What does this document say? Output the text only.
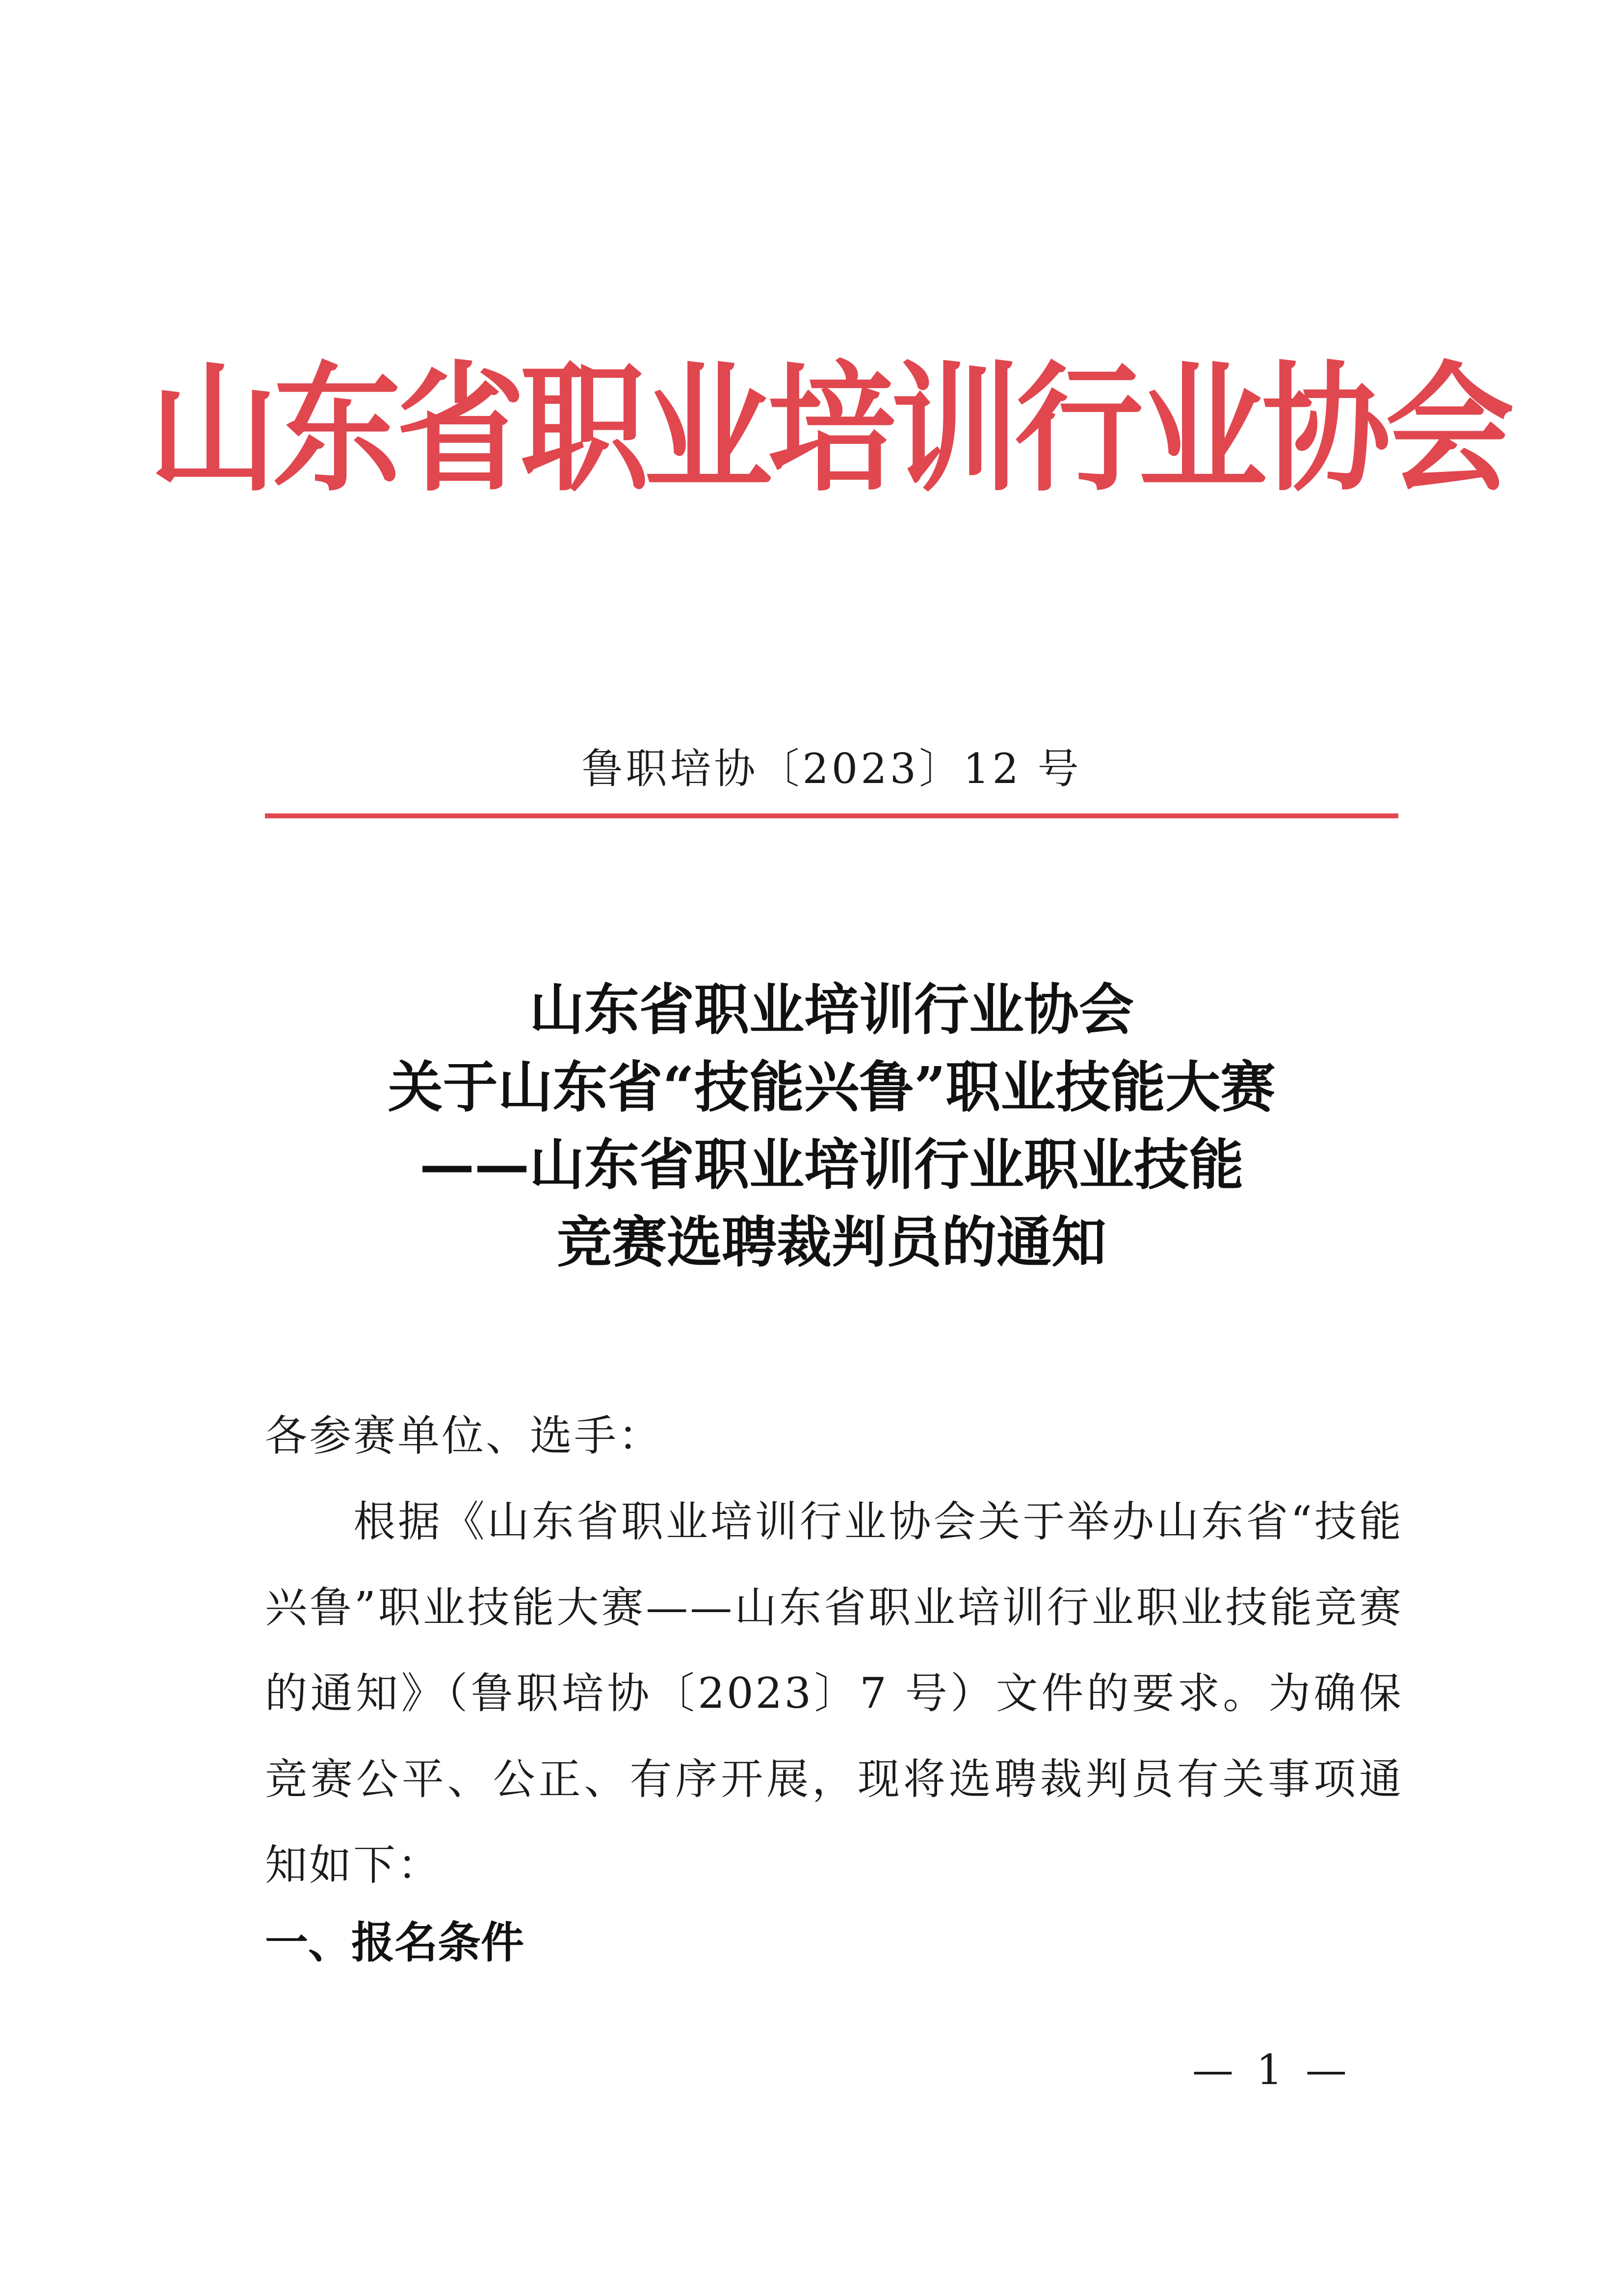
山东省职业培训行业协会
鲁职培协〔2023〕12 号
山东省职业培训行业协会
关于山东省“技能兴鲁”职业技能大赛
——山东省职业培训行业职业技能
竞赛选聘裁判员的通知
各参赛单位、选手：
根据《山东省职业培训行业协会关于举办山东省“技能兴鲁”职业技能大赛——山东省职业培训行业职业技能竞赛的通知》（鲁职培协〔2023〕7 号）文件的要求。为确保竞赛公平、公正、有序开展，现将选聘裁判员有关事项通知如下：
一、报名条件
— 1 —
